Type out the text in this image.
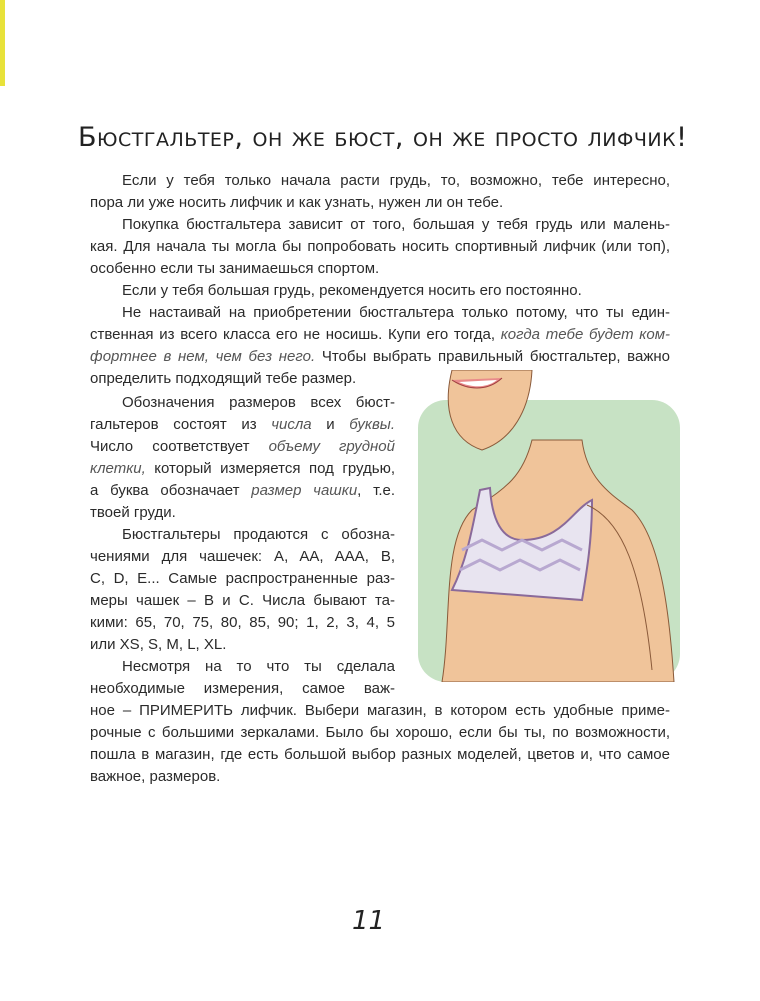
Бюстгальтер, он же бюст, он же просто лифчик!
Если у тебя только начала расти грудь, то, возможно, тебе интересно,
пора ли уже носить лифчик и как узнать, нужен ли он тебе.
Покупка бюстгальтера зависит от того, большая у тебя грудь или малень-
кая. Для начала ты могла бы попробовать носить спортивный лифчик (или топ),
особенно если ты занимаешься спортом.
Если у тебя большая грудь, рекомендуется носить его постоянно.
Не настаивай на приобретении бюстгальтера только потому, что ты един-
ственная из всего класса его не носишь. Купи его тогда, когда тебе будет ком-
фортнее в нем, чем без него. Чтобы выбрать правильный бюстгальтер, важно
определить подходящий тебе размер.
Обозначения размеров всех бюст-
гальтеров состоят из числа и буквы.
Число соответствует объему грудной
клетки, который измеряется под грудью,
а буква обозначает размер чашки, т.е.
твоей груди.
Бюстгальтеры продаются с обозна-
чениями для чашечек: A, AA, AAA, B,
C, D, E... Самые распространенные раз-
меры чашек – B и C. Числа бывают та-
кими: 65, 70, 75, 80, 85, 90; 1, 2, 3, 4, 5
или XS, S, M, L, XL.
Несмотря на то что ты сделала
необходимые измерения, самое важ-
ное – ПРИМЕРИТЬ лифчик. Выбери магазин, в котором есть удобные приме-
рочные с большими зеркалами. Было бы хорошо, если бы ты, по возможности,
пошла в магазин, где есть большой выбор разных моделей, цветов и, что самое
важное, размеров.
11
